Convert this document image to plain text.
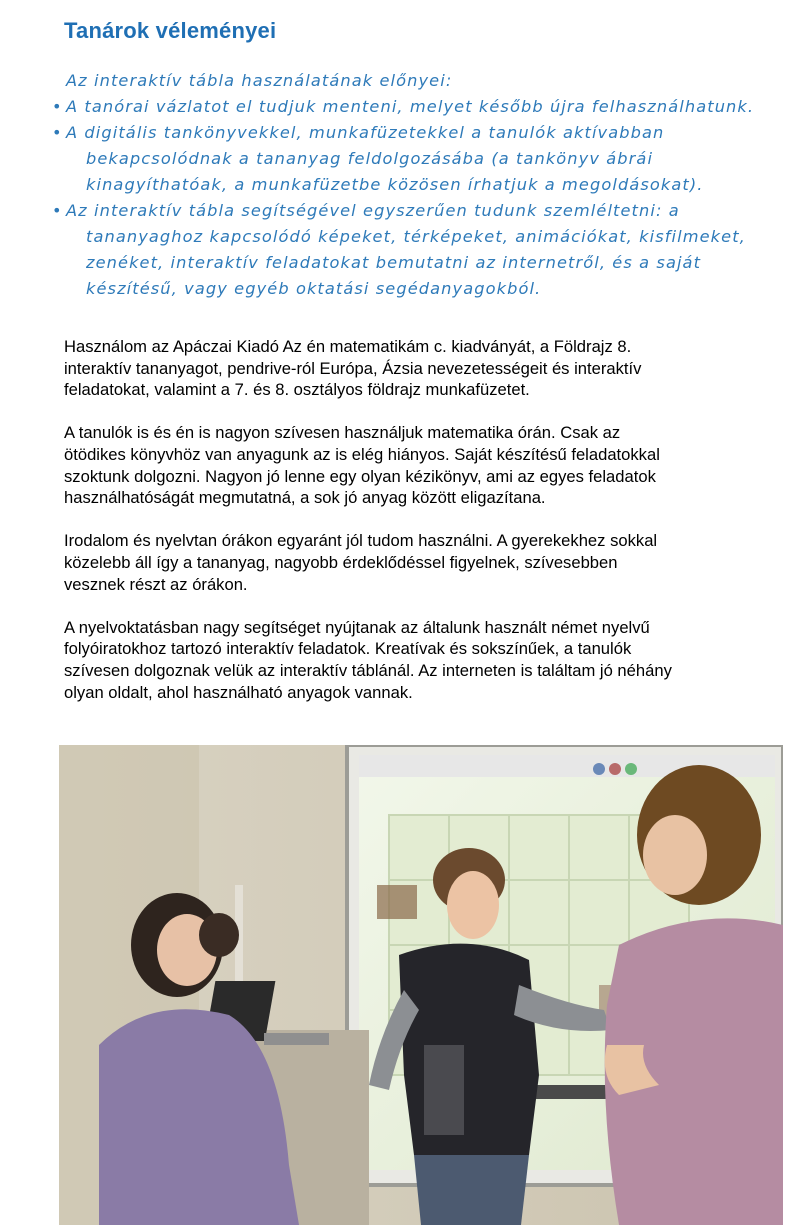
Tanárok véleményei
Az interaktív tábla használatának előnyei:
• A tanórai vázlatot el tudjuk menteni, melyet később újra felhasználhatunk.
• A digitális tankönyvekkel, munkafüzetekkel a tanulók aktívabban
bekapcsolódnak a tananyag feldolgozásába (a tankönyv ábrái
kinagyíthatóak, a munkafüzetbe közösen írhatjuk a megoldásokat).
• Az interaktív tábla segítségével egyszerűen tudunk szemléltetni: a
tananyaghoz kapcsolódó képeket, térképeket, animációkat, kisfilmeket,
zenéket, interaktív feladatokat bemutatni az internetről, és a saját
készítésű, vagy egyéb oktatási segédanyagokból.

Használom az Apáczai Kiadó Az én matematikám c. kiadványát, a Földrajz 8.
interaktív tananyagot, pendrive-ról Európa, Ázsia nevezetességeit és interaktív
feladatokat, valamint a 7. és 8. osztályos földrajz munkafüzetet.

A tanulók is és én is nagyon szívesen használjuk matematika órán. Csak az
ötödikes könyvhöz van anyagunk az is elég hiányos. Saját készítésű feladatokkal
szoktunk dolgozni. Nagyon jó lenne egy olyan kézikönyv, ami az egyes feladatok
használhatóságát megmutatná, a sok jó anyag között eligazítana.

Irodalom és nyelvtan órákon egyaránt jól tudom használni. A gyerekekhez sokkal
közelebb áll így a tananyag, nagyobb érdeklődéssel figyelnek, szívesebben
vesznek részt az órákon.

A nyelvoktatásban nagy segítséget nyújtanak az általunk használt német nyelvű
folyóiratokhoz tartozó interaktív feladatok. Kreatívak és sokszínűek, a tanulók
szívesen dolgoznak velük az interaktív táblánál. Az interneten is találtam jó néhány
olyan oldalt, ahol használható anyagok vannak.
